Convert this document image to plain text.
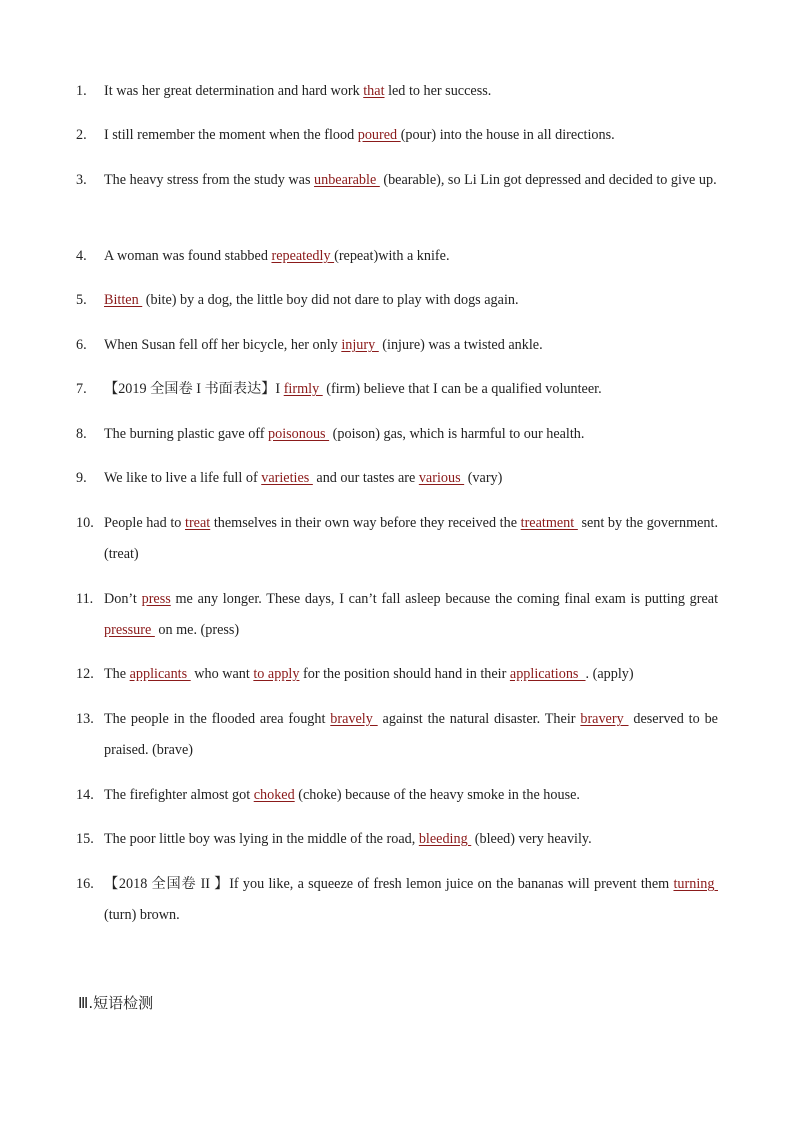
1.	It was her great determination and hard work that led to her success.
2.	I still remember the moment when the flood poured (pour) into the house in all directions.
3.	The heavy stress from the study was unbearable  (bearable), so Li Lin got depressed and decided to give up.
4.	A woman was found stabbed repeatedly (repeat)with a knife.
5.	Bitten  (bite) by a dog, the little boy did not dare to play with dogs again.
6.	When Susan fell off her bicycle, her only injury  (injure) was a twisted ankle.
7.	【2019 全国卷 I 书面表达】I firmly  (firm) believe that I can be a qualified volunteer.
8.	The burning plastic gave off poisonous  (poison) gas, which is harmful to our health.
9.	We like to live a life full of varieties  and our tastes are various  (vary)
10. People had to treat themselves in their own way before they received the treatment  sent by the government. (treat)
11. Don’t press me any longer. These days, I can’t fall asleep because the coming final exam is putting great pressure  on me. (press)
12. The applicants  who want to apply for the position should hand in their applications  . (apply)
13. The people in the flooded area fought bravely  against the natural disaster. Their bravery  deserved to be praised. (brave)
14. The firefighter almost got choked (choke) because of the heavy smoke in the house.
15. The poor little boy was lying in the middle of the road, bleeding  (bleed) very heavily.
16. 【2018 全国卷 II 】If you like, a squeeze of fresh lemon juice on the bananas will prevent them turning  (turn) brown.
Ⅲ.短语检测
